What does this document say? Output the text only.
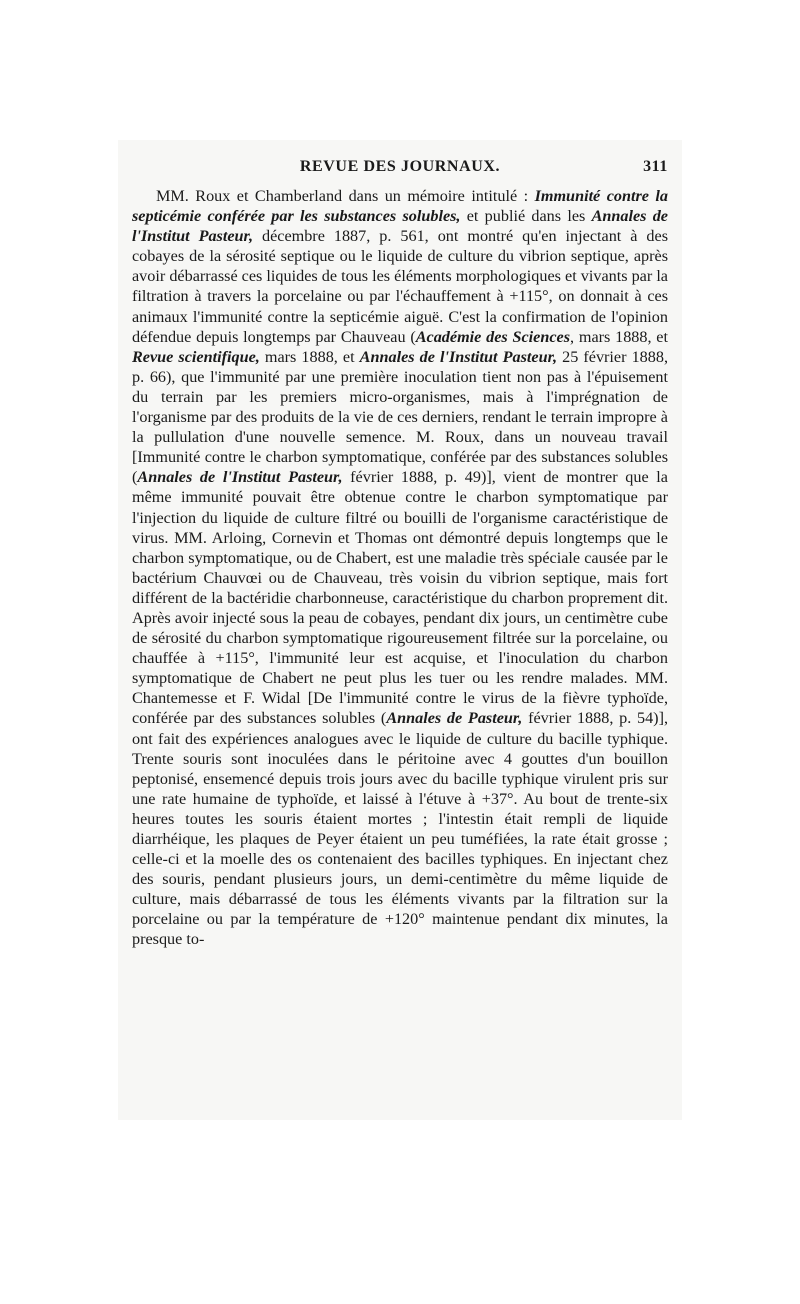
REVUE DES JOURNAUX.	311

MM. Roux et Chamberland dans un mémoire intitulé : Immunité contre la septicémie conférée par les substances solubles, et publié dans les Annales de l'Institut Pasteur, décembre 1887, p. 561, ont montré qu'en injectant à des cobayes de la sérosité septique ou le liquide de culture du vibrion septique, après avoir débarrassé ces liquides de tous les éléments morphologiques et vivants par la filtration à travers la porcelaine ou par l'échauffement à +115°, on donnait à ces animaux l'immunité contre la septicémie aiguë. C'est la confirmation de l'opinion défendue depuis longtemps par Chauveau (Académie des Sciences, mars 1888, et Revue scientifique, mars 1888, et Annales de l'Institut Pasteur, 25 février 1888, p. 66), que l'immunité par une première inoculation tient non pas à l'épuisement du terrain par les premiers micro-organismes, mais à l'imprégnation de l'organisme par des produits de la vie de ces derniers, rendant le terrain impropre à la pullulation d'une nouvelle semence. M. Roux, dans un nouveau travail [Immunité contre le charbon symptomatique, conférée par des substances solubles (Annales de l'Institut Pasteur, février 1888, p. 49)], vient de montrer que la même immunité pouvait être obtenue contre le charbon symptomatique par l'injection du liquide de culture filtré ou bouilli de l'organisme caractéristique de virus. MM. Arloing, Cornevin et Thomas ont démontré depuis longtemps que le charbon symptomatique, ou de Chabert, est une maladie très spéciale causée par le bactérium Chauvœi ou de Chauveau, très voisin du vibrion septique, mais fort différent de la bactéridie charbonneuse, caractéristique du charbon proprement dit. Après avoir injecté sous la peau de cobayes, pendant dix jours, un centimètre cube de sérosité du charbon symptomatique rigoureusement filtrée sur la porcelaine, ou chauffée à +115°, l'immunité leur est acquise, et l'inoculation du charbon symptomatique de Chabert ne peut plus les tuer ou les rendre malades. MM. Chantemesse et F. Widal [De l'immunité contre le virus de la fièvre typhoïde, conférée par des substances solubles (Annales de Pasteur, février 1888, p. 54)], ont fait des expériences analogues avec le liquide de culture du bacille typhique. Trente souris sont inoculées dans le péritoine avec 4 gouttes d'un bouillon peptonisé, ensemencé depuis trois jours avec du bacille typhique virulent pris sur une rate humaine de typhoïde, et laissé à l'étuve à +37°. Au bout de trente-six heures toutes les souris étaient mortes ; l'intestin était rempli de liquide diarrhéique, les plaques de Peyer étaient un peu tuméfiées, la rate était grosse ; celle-ci et la moelle des os contenaient des bacilles typhiques. En injectant chez des souris, pendant plusieurs jours, un demi-centimètre du même liquide de culture, mais débarrassé de tous les éléments vivants par la filtration sur la porcelaine ou par la température de +120° maintenue pendant dix minutes, la presque to-
